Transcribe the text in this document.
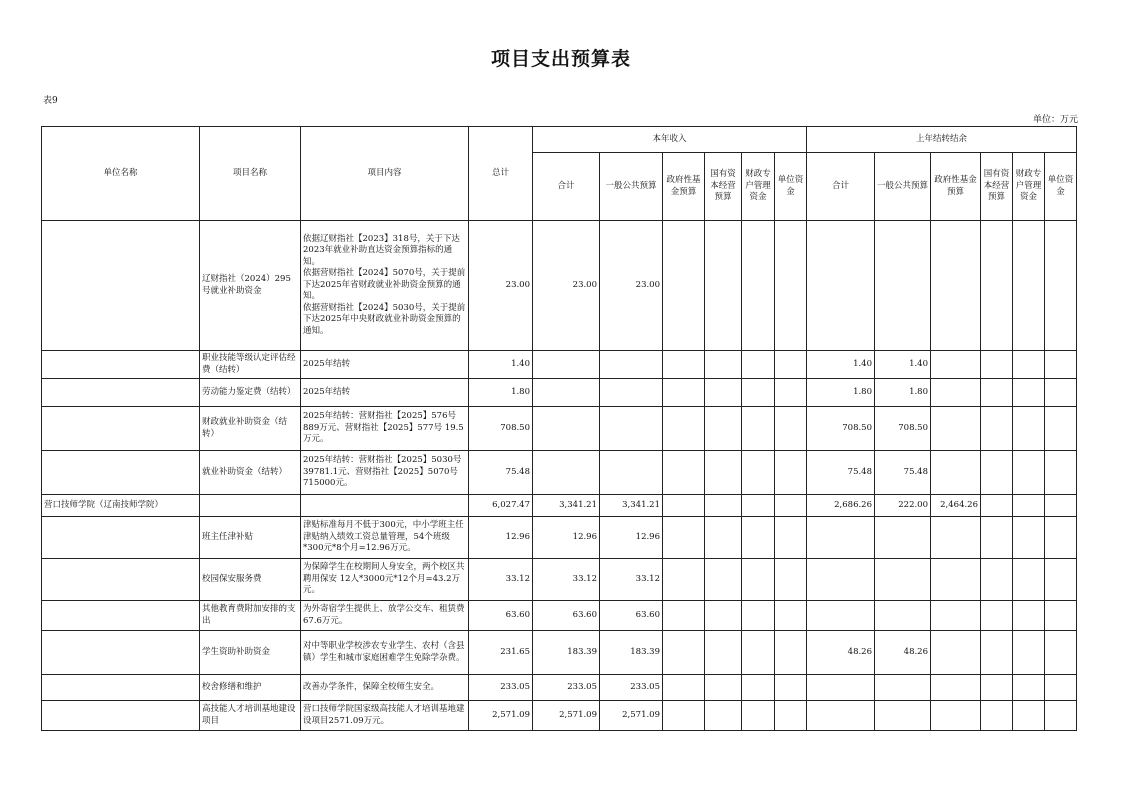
项目支出预算表
表9
单位：万元
单位名称	项目名称	项目内容	总计	本年收入						上年结转结余					
				合计	一般公共预算	政府性基金预算	国有资本经营预算	财政专户管理资金	单位资金	合计	一般公共预算	政府性基金预算	国有资本经营预算	财政专户管理资金	单位资金
	辽财指社（2024）295号就业补助资金	依据辽财指社【2023】318号，关于下达2023年就业补助直达资金预算指标的通知。
依据营财指社【2024】5070号，关于提前下达2025年省财政就业补助资金预算的通知。
依据营财指社【2024】5030号，关于提前下达2025年中央财政就业补助资金预算的通知。	23.00	23.00	23.00										
	职业技能等级认定评估经费（结转）	2025年结转	1.40							1.40	1.40				
	劳动能力鉴定费（结转）	2025年结转	1.80							1.80	1.80				
	财政就业补助资金（结转）	2025年结转：营财指社【2025】576号 889万元、营财指社【2025】577号 19.5万元。	708.50							708.50	708.50				
	就业补助资金（结转）	2025年结转：营财指社【2025】5030号 39781.1元、营财指社【2025】5070号 715000元。	75.48							75.48	75.48				
营口技师学院（辽南技师学院）			6,027.47	3,341.21	3,341.21					2,686.26	222.00	2,464.26			
	班主任津补贴	津贴标准每月不低于300元，中小学班主任津贴纳入绩效工资总量管理，54个班级*300元*8个月=12.96万元。	12.96	12.96	12.96										
	校园保安服务费	为保障学生在校期间人身安全，两个校区共聘用保安 12人*3000元*12个月=43.2万元。	33.12	33.12	33.12										
	其他教育费附加安排的支出	为外寄宿学生提供上、放学公交车、租赁费67.6万元。	63.60	63.60	63.60										
	学生资助补助资金	对中等职业学校涉农专业学生、农村（含县镇）学生和城市家庭困难学生免除学杂费。	231.65	183.39	183.39					48.26	48.26				
	校舍修缮和维护	改善办学条件，保障全校师生安全。	233.05	233.05	233.05										
	高技能人才培训基地建设项目	营口技师学院国家级高技能人才培训基地建设项目2571.09万元。	2,571.09	2,571.09	2,571.09										
